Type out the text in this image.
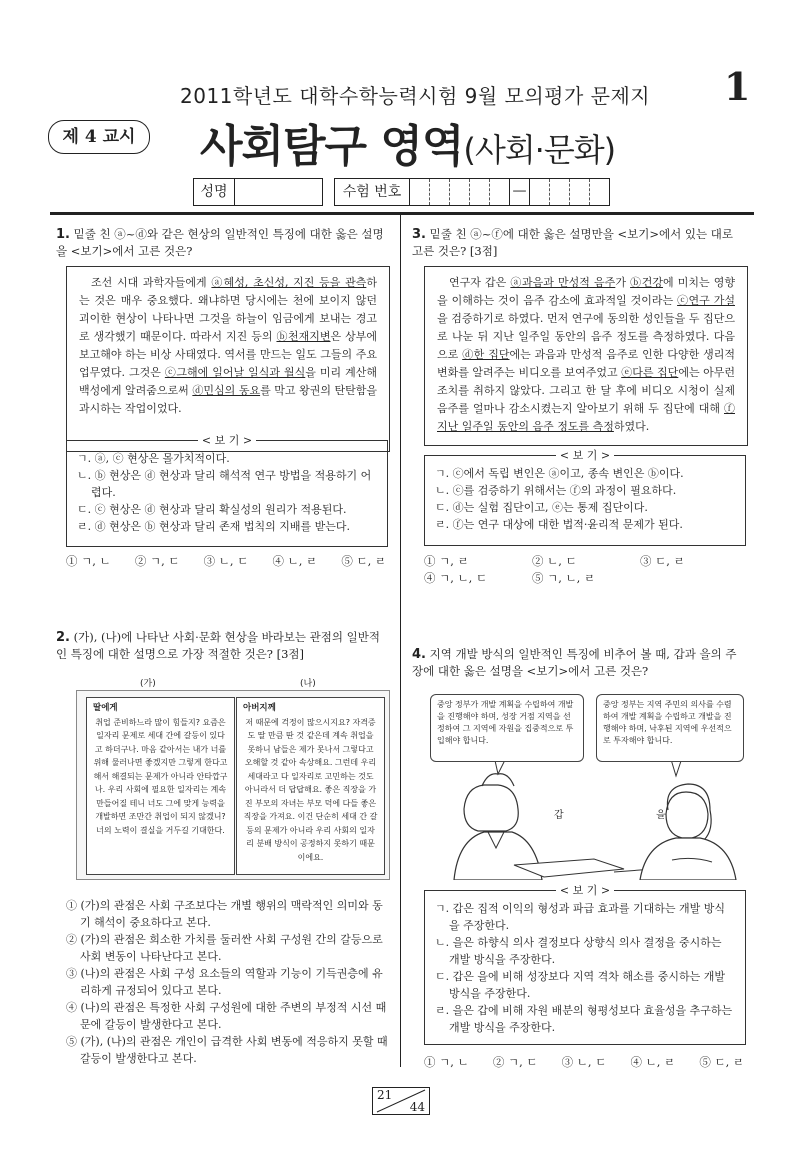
2011학년도 대학수학능력시험 9월 모의평가 문제지 1
제 4 교시	사회탐구 영역(사회·문화)
성명	수험 번호	—
1. 밑줄 친 ⓐ~ⓓ와 같은 현상의 일반적인 특징에 대한 옳은 설명을 <보기>에서 고른 것은?
조선 시대 과학자들에게 ⓐ혜성, 초신성, 지진 등을 관측하는 것은 매우 중요했다. 왜냐하면 당시에는 천에 보이지 않던 괴이한 현상이 나타나면 그것을 하늘이 임금에게 보내는 경고로 생각했기 때문이다. 따라서 지진 등의 ⓑ천재지변은 상부에 보고해야 하는 비상 사태였다. 역서를 만드는 일도 그들의 주요 업무였다. 그것은 ⓒ그해에 일어날 일식과 월식을 미리 계산해 백성에게 알려줌으로써 ⓓ민심의 동요를 막고 왕권의 탄탄함을 과시하는 작업이었다.
< 보 기 >
ㄱ. ⓐ, ⓒ 현상은 몰가치적이다.
ㄴ. ⓑ 현상은 ⓓ 현상과 달리 해석적 연구 방법을 적용하기 어렵다.
ㄷ. ⓒ 현상은 ⓓ 현상과 달리 확실성의 원리가 적용된다.
ㄹ. ⓓ 현상은 ⓑ 현상과 달리 존재 법칙의 지배를 받는다.
① ㄱ, ㄴ ② ㄱ, ㄷ ③ ㄴ, ㄷ ④ ㄴ, ㄹ ⑤ ㄷ, ㄹ
2. (가), (나)에 나타난 사회·문화 현상을 바라보는 관점의 일반적인 특징에 대한 설명으로 가장 적절한 것은? [3점]
(가)	(나)
딸에게
취업 준비하느라 많이 힘들지? 요즘은 일자리 문제로 세대 간에 갈등이 있다고 하더구나. 마음 같아서는 내가 너를 위해 물러나면 좋겠지만 그렇게 한다고 해서 해결되는 문제가 아니라 안타깝구나. 우리 사회에 필요한 일자리는 계속 만들어질 테니 너도 그에 맞게 능력을 개발하면 조만간 취업이 되지 않겠니? 너의 노력이 결실을 거두길 기대한다.
아버지께
저 때문에 걱정이 많으시지요? 자격증도 딸 만큼 딴 것 같은데 계속 취업을 못하니 남들은 제가 못나서 그렇다고 오해할 것 같아 속상해요. 그런데 우리 세대라고 다 일자리로 고민하는 것도 아니라서 더 답답해요. 좋은 직장을 가진 부모의 자녀는 부모 덕에 다들 좋은 직장을 가져요. 이건 단순히 세대 간 갈등의 문제가 아니라 우리 사회의 일자리 분배 방식이 공정하지 못하기 때문이에요.
① (가)의 관점은 사회 구조보다는 개별 행위의 맥락적인 의미와 동기 해석이 중요하다고 본다.
② (가)의 관점은 희소한 가치를 둘러싼 사회 구성원 간의 갈등으로 사회 변동이 나타난다고 본다.
③ (나)의 관점은 사회 구성 요소들의 역할과 기능이 기득권층에 유리하게 규정되어 있다고 본다.
④ (나)의 관점은 특정한 사회 구성원에 대한 주변의 부정적 시선 때문에 갈등이 발생한다고 본다.
⑤ (가), (나)의 관점은 개인이 급격한 사회 변동에 적응하지 못할 때 갈등이 발생한다고 본다.
3. 밑줄 친 ⓐ~ⓕ에 대한 옳은 설명만을 <보기>에서 있는 대로 고른 것은? [3점]
연구자 갑은 ⓐ과음과 만성적 음주가 ⓑ건강에 미치는 영향을 이해하는 것이 음주 감소에 효과적일 것이라는 ⓒ연구 가설을 검증하기로 하였다. 먼저 연구에 동의한 성인들을 두 집단으로 나눈 뒤 지난 일주일 동안의 음주 정도를 측정하였다. 다음으로 ⓓ한 집단에는 과음과 만성적 음주로 인한 다양한 생리적 변화를 알려주는 비디오를 보여주었고 ⓔ다른 집단에는 아무런 조치를 취하지 않았다. 그리고 한 달 후에 비디오 시청이 실제 음주를 얼마나 감소시켰는지 알아보기 위해 두 집단에 대해 ⓕ지난 일주일 동안의 음주 정도를 측정하였다.
< 보 기 >
ㄱ. ⓒ에서 독립 변인은 ⓐ이고, 종속 변인은 ⓑ이다.
ㄴ. ⓒ를 검증하기 위해서는 ⓕ의 과정이 필요하다.
ㄷ. ⓓ는 실험 집단이고, ⓔ는 통제 집단이다.
ㄹ. ⓕ는 연구 대상에 대한 법적·윤리적 문제가 된다.
① ㄱ, ㄹ	② ㄴ, ㄷ	③ ㄷ, ㄹ
④ ㄱ, ㄴ, ㄷ	⑤ ㄱ, ㄴ, ㄹ
4. 지역 개발 방식의 일반적인 특징에 비추어 볼 때, 갑과 을의 주장에 대한 옳은 설명을 <보기>에서 고른 것은?
중앙 정부가 개발 계획을 수립하여 개발을 진행해야 하며, 성장 거점 지역을 선정하여 그 지역에 자원을 집중적으로 투입해야 합니다.
중앙 정부는 지역 주민의 의사를 수렴하여 개발 계획을 수립하고 개발을 진행해야 하며, 낙후된 지역에 우선적으로 투자해야 합니다.
갑	을
< 보 기 >
ㄱ. 갑은 집적 이익의 형성과 파급 효과를 기대하는 개발 방식을 주장한다.
ㄴ. 을은 하향식 의사 결정보다 상향식 의사 결정을 중시하는 개발 방식을 주장한다.
ㄷ. 갑은 을에 비해 성장보다 지역 격차 해소를 중시하는 개발 방식을 주장한다.
ㄹ. 을은 갑에 비해 자원 배분의 형평성보다 효율성을 추구하는 개발 방식을 주장한다.
① ㄱ, ㄴ ② ㄱ, ㄷ ③ ㄴ, ㄷ ④ ㄴ, ㄹ ⑤ ㄷ, ㄹ
21
44
